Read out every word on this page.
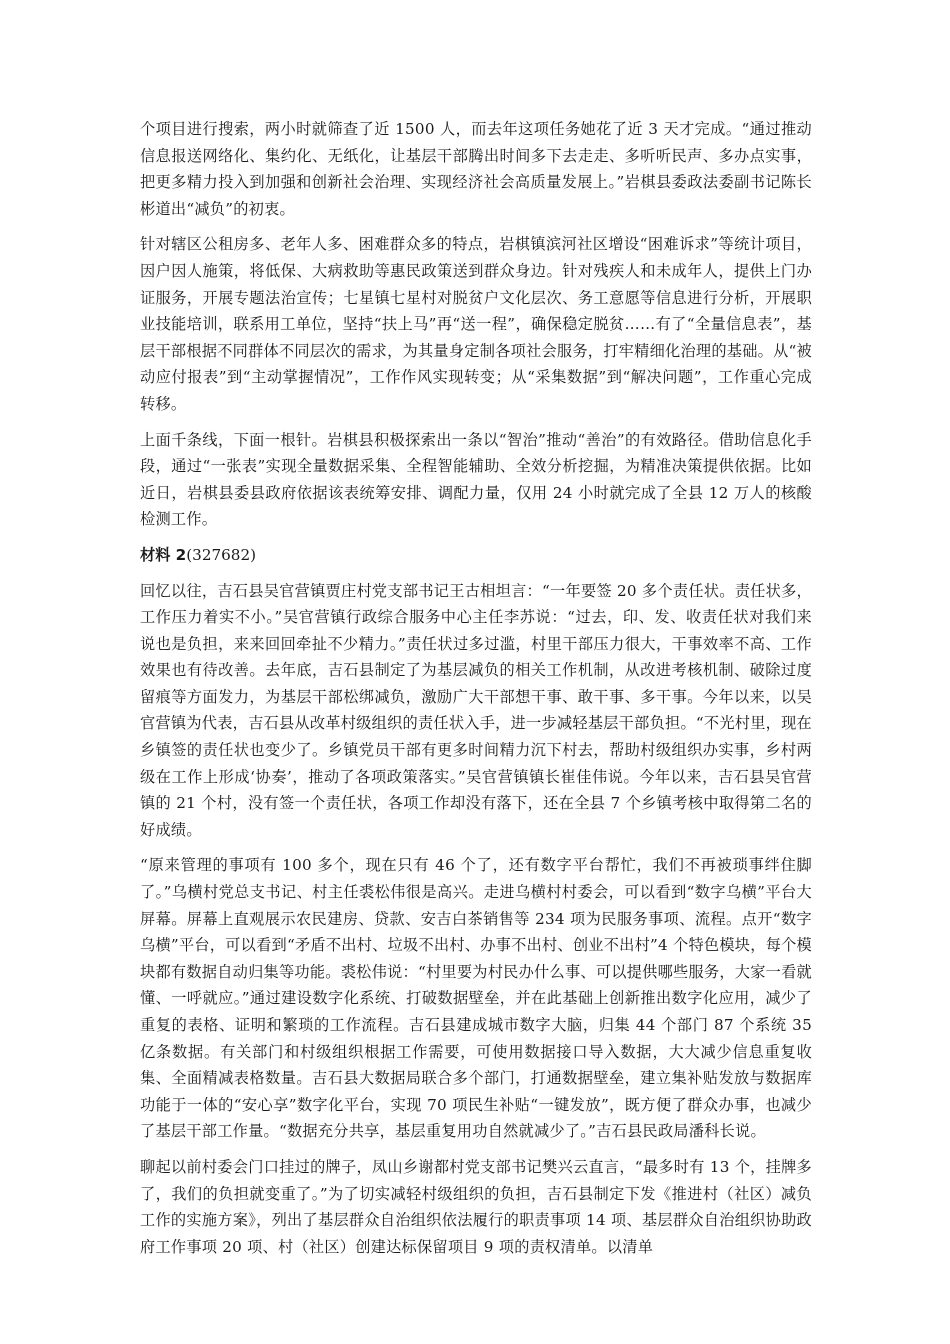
个项目进行搜索，两小时就筛查了近 1500 人，而去年这项任务她花了近 3 天才完成。“通过推动信息报送网络化、集约化、无纸化，让基层干部腾出时间多下去走走、多听听民声、多办点实事，把更多精力投入到加强和创新社会治理、实现经济社会高质量发展上。”岩棋县委政法委副书记陈长彬道出“减负”的初衷。

针对辖区公租房多、老年人多、困难群众多的特点，岩棋镇滨河社区增设“困难诉求”等统计项目，因户因人施策，将低保、大病救助等惠民政策送到群众身边。针对残疾人和未成年人，提供上门办证服务，开展专题法治宣传；七星镇七星村对脱贫户文化层次、务工意愿等信息进行分析，开展职业技能培训，联系用工单位，坚持“扶上马”再“送一程”，确保稳定脱贫……有了“全量信息表”，基层干部根据不同群体不同层次的需求，为其量身定制各项社会服务，打牢精细化治理的基础。从“被动应付报表”到“主动掌握情况”，工作作风实现转变；从“采集数据”到“解决问题”，工作重心完成转移。

上面千条线，下面一根针。岩棋县积极探索出一条以“智治”推动“善治”的有效路径。借助信息化手段，通过“一张表”实现全量数据采集、全程智能辅助、全效分析挖掘，为精准决策提供依据。比如近日，岩棋县委县政府依据该表统筹安排、调配力量，仅用 24 小时就完成了全县 12 万人的核酸检测工作。

材料 2(327682)

回忆以往，吉石县吴官营镇贾庄村党支部书记王古相坦言：“一年要签 20 多个责任状。责任状多，工作压力着实不小。”吴官营镇行政综合服务中心主任李苏说：“过去，印、发、收责任状对我们来说也是负担，来来回回牵扯不少精力。”责任状过多过滥，村里干部压力很大，干事效率不高、工作效果也有待改善。去年底，吉石县制定了为基层减负的相关工作机制，从改进考核机制、破除过度留痕等方面发力，为基层干部松绑减负，激励广大干部想干事、敢干事、多干事。今年以来，以吴官营镇为代表，吉石县从改革村级组织的责任状入手，进一步减轻基层干部负担。“不光村里，现在乡镇签的责任状也变少了。乡镇党员干部有更多时间精力沉下村去，帮助村级组织办实事，乡村两级在工作上形成‘协奏’，推动了各项政策落实。”吴官营镇镇长崔佳伟说。今年以来，吉石县吴官营镇的 21 个村，没有签一个责任状，各项工作却没有落下，还在全县 7 个乡镇考核中取得第二名的好成绩。

“原来管理的事项有 100 多个，现在只有 46 个了，还有数字平台帮忙，我们不再被琐事绊住脚了。”乌横村党总支书记、村主任裘松伟很是高兴。走进乌横村村委会，可以看到“数字乌横”平台大屏幕。屏幕上直观展示农民建房、贷款、安吉白茶销售等 234 项为民服务事项、流程。点开“数字乌横”平台，可以看到“矛盾不出村、垃圾不出村、办事不出村、创业不出村”4 个特色模块，每个模块都有数据自动归集等功能。裘松伟说：“村里要为村民办什么事、可以提供哪些服务，大家一看就懂、一呼就应。”通过建设数字化系统、打破数据壁垒，并在此基础上创新推出数字化应用，减少了重复的表格、证明和繁琐的工作流程。吉石县建成城市数字大脑，归集 44 个部门 87 个系统 35 亿条数据。有关部门和村级组织根据工作需要，可使用数据接口导入数据，大大减少信息重复收集、全面精减表格数量。吉石县大数据局联合多个部门，打通数据壁垒，建立集补贴发放与数据库功能于一体的“安心享”数字化平台，实现 70 项民生补贴“一键发放”，既方便了群众办事，也减少了基层干部工作量。“数据充分共享，基层重复用功自然就减少了。”吉石县民政局潘科长说。

聊起以前村委会门口挂过的牌子，凤山乡谢都村党支部书记樊兴云直言，“最多时有 13 个，挂牌多了，我们的负担就变重了。”为了切实减轻村级组织的负担，吉石县制定下发《推进村（社区）减负工作的实施方案》，列出了基层群众自治组织依法履行的职责事项 14 项、基层群众自治组织协助政府工作事项 20 项、村（社区）创建达标保留项目 9 项的责权清单。以清单
